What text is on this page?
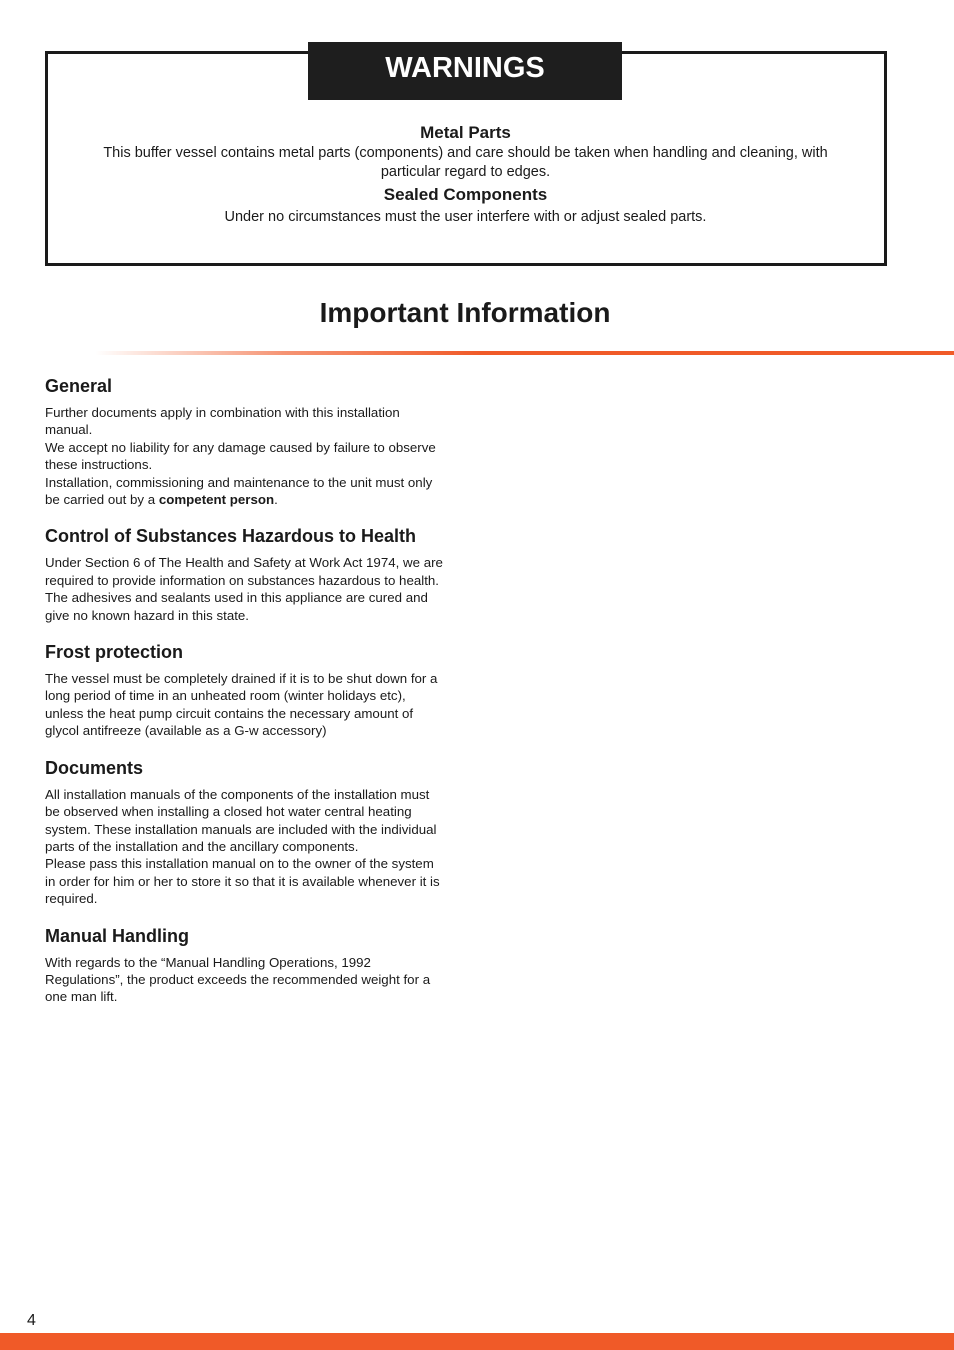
WARNINGS
Metal Parts
This buffer vessel contains metal parts (components) and care should be taken when handling and cleaning, with particular regard to edges.
Sealed Components
Under no circumstances must the user interfere with or adjust sealed parts.
Important Information
General

Further documents apply in combination with this installation manual.

We accept no liability for any damage caused by failure to observe these instructions.

Installation, commissioning and maintenance to the unit must only be carried out by a competent person.

Control of Substances Hazardous to Health

Under Section 6 of The Health and Safety at Work Act 1974, we are required to provide information on substances hazardous to health.

The adhesives and sealants used in this appliance are cured and give no known hazard in this state.

Frost protection

The vessel must be completely drained if it is to be shut down for a long period of time in an unheated room (winter holidays etc), unless the heat pump circuit contains the necessary amount of glycol antifreeze (available as a G-w accessory)

Documents

All installation manuals of the components of the installation must be observed when installing a closed hot water central heating system. These installation manuals are included with the individual parts of the installation and the ancillary components.

Please pass this installation manual on to the owner of the system in order for him or her to store it so that it is available whenever it is required.

Manual Handling

With regards to the “Manual Handling Operations, 1992 Regulations”, the product exceeds the recommended weight for a one man lift.

4
